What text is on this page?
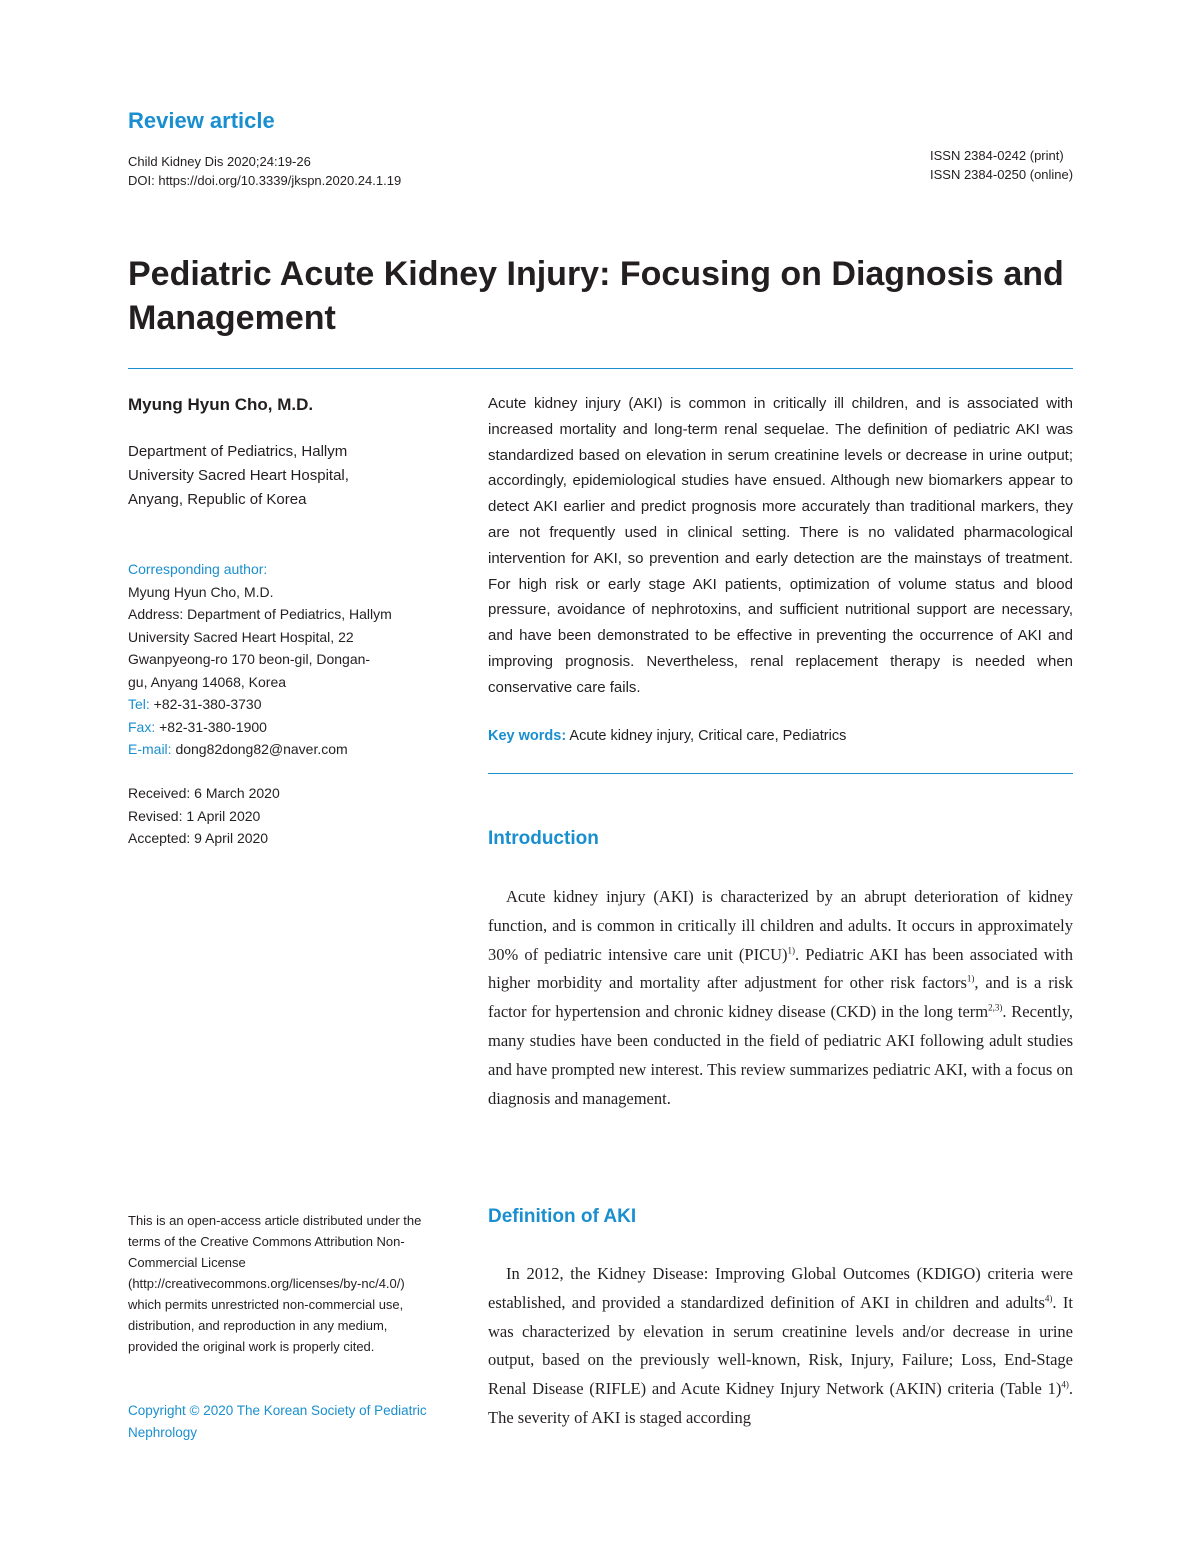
Review article
Child Kidney Dis 2020;24:19-26
DOI: https://doi.org/10.3339/jkspn.2020.24.1.19
ISSN 2384-0242 (print)
ISSN 2384-0250 (online)
Pediatric Acute Kidney Injury: Focusing on Diagnosis and Management
Myung Hyun Cho, M.D.
Department of Pediatrics, Hallym
University Sacred Heart Hospital,
Anyang, Republic of Korea
Corresponding author:
Myung Hyun Cho, M.D.
Address: Department of Pediatrics, Hallym
University Sacred Heart Hospital, 22
Gwanpyeong-ro 170 beon-gil, Dongan-
gu, Anyang 14068, Korea
Tel: +82-31-380-3730
Fax: +82-31-380-1900
E-mail: dong82dong82@naver.com
Received: 6 March 2020
Revised: 1 April 2020
Accepted: 9 April 2020
This is an open-access article distributed under the terms of the Creative Commons Attribution Non-Commercial License (http://creativecommons.org/licenses/by-nc/4.0/) which permits unrestricted non-commercial use, distribution, and reproduction in any medium, provided the original work is properly cited.
Copyright © 2020 The Korean Society of Pediatric Nephrology

Acute kidney injury (AKI) is common in critically ill children, and is associated with increased mortality and long-term renal sequelae. The definition of pediatric AKI was standardized based on elevation in serum creatinine levels or decrease in urine output; accordingly, epidemiological studies have ensued. Although new biomarkers appear to detect AKI earlier and predict prognosis more accurately than traditional markers, they are not frequently used in clinical setting. There is no validated pharmacological intervention for AKI, so prevention and early detection are the mainstays of treatment. For high risk or early stage AKI patients, optimization of volume status and blood pressure, avoidance of nephrotoxins, and sufficient nutritional support are necessary, and have been demonstrated to be effective in preventing the occurrence of AKI and improving prognosis. Nevertheless, renal replacement therapy is needed when conservative care fails.

Key words: Acute kidney injury, Critical care, Pediatrics
Introduction

Acute kidney injury (AKI) is characterized by an abrupt deterioration of kidney function, and is common in critically ill children and adults. It occurs in approximately 30% of pediatric intensive care unit (PICU)$^{1)}$. Pediatric AKI has been associated with higher morbidity and mortality after adjustment for other risk factors$^{1)}$, and is a risk factor for hypertension and chronic kidney disease (CKD) in the long term$^{2,3)}$. Recently, many studies have been conducted in the field of pediatric AKI following adult studies and have prompted new interest. This review summarizes pediatric AKI, with a focus on diagnosis and management.

Definition of AKI

In 2012, the Kidney Disease: Improving Global Outcomes (KDIGO) criteria were established, and provided a standardized definition of AKI in children and adults$^{4)}$. It was characterized by elevation in serum creatinine levels and/or decrease in urine output, based on the previously well-known, Risk, Injury, Failure; Loss, End-Stage Renal Disease (RIFLE) and Acute Kidney Injury Network (AKIN) criteria (Table 1)$^{4)}$. The severity of AKI is staged according
